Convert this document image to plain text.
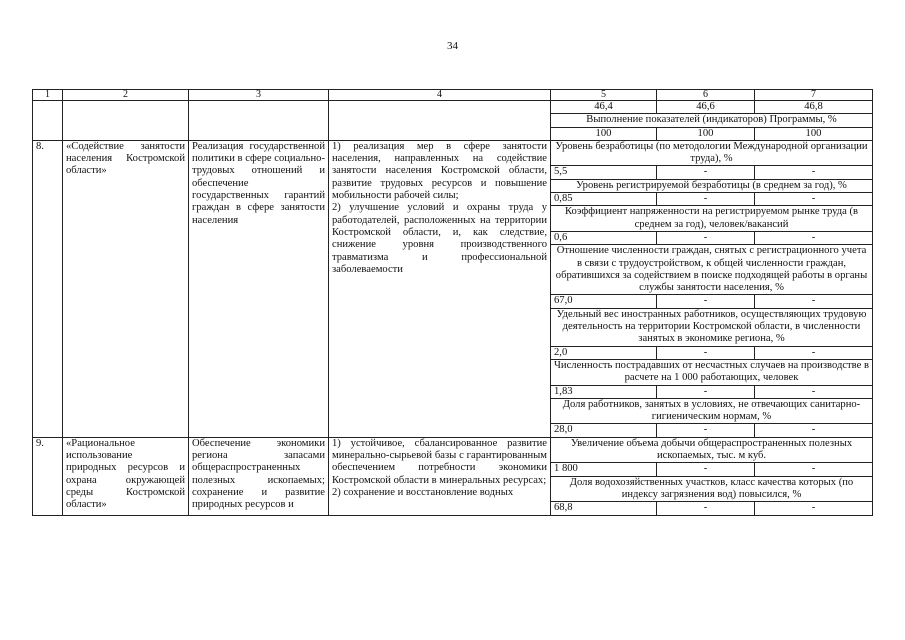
34
1	2	3	4	5	6	7
				46,4	46,6	46,8
				Выполнение показателей (индикаторов) Программы, %		
				100	100	100
8.	«Содействие занятости населения Костромской области»	Реализация государственной политики в сфере социально-трудовых отношений и обеспечение государственных гарантий граждан в сфере занятости населения	1) реализация мер в сфере занятости населения, направленных на содействие занятости населения Костромской области, развитие трудовых ресурсов и повышение мобильности рабочей силы;
2) улучшение условий и охраны труда у работодателей, расположенных на территории Костромской области, и, как следствие, снижение уровня производственного травматизма и профессиональной заболеваемости	Уровень безработицы (по методологии Международной организации труда), %		
				5,5	-	-
				Уровень регистрируемой безработицы (в среднем за год), %		
				0,85	-	-
				Коэффициент напряженности на регистрируемом рынке труда (в среднем за год), человек/вакансий		
				0,6	-	-
				Отношение численности граждан, снятых с регистрационного учета в связи с трудоустройством, к общей численности граждан, обратившихся за содействием в поиске подходящей работы в органы службы занятости населения, %		
				67,0	-	-
				Удельный вес иностранных работников, осуществляющих трудовую деятельность на территории Костромской области, в численности занятых в экономике региона, %		
				2,0	-	-
				Численность пострадавших от несчастных случаев на производстве в расчете на 1 000 работающих, человек		
				1,83	-	-
				Доля работников, занятых в условиях, не отвечающих санитарно-гигиеническим нормам, %		
				28,0	-	-
9.	«Рациональное использование природных ресурсов и охрана окружающей среды Костромской области»	Обеспечение экономики региона запасами общераспространенных полезных ископаемых; сохранение и развитие природных ресурсов и	1) устойчивое, сбалансированное развитие минерально-сырьевой базы с гарантированным обеспечением потребности экономики Костромской области в минеральных ресурсах;
2) сохранение и восстановление водных	Увеличение объема добычи общераспространенных полезных ископаемых, тыс. м куб.		
				1 800	-	-
				Доля водохозяйственных участков, класс качества которых (по индексу загрязнения вод) повысился, %		
				68,8	-	-
